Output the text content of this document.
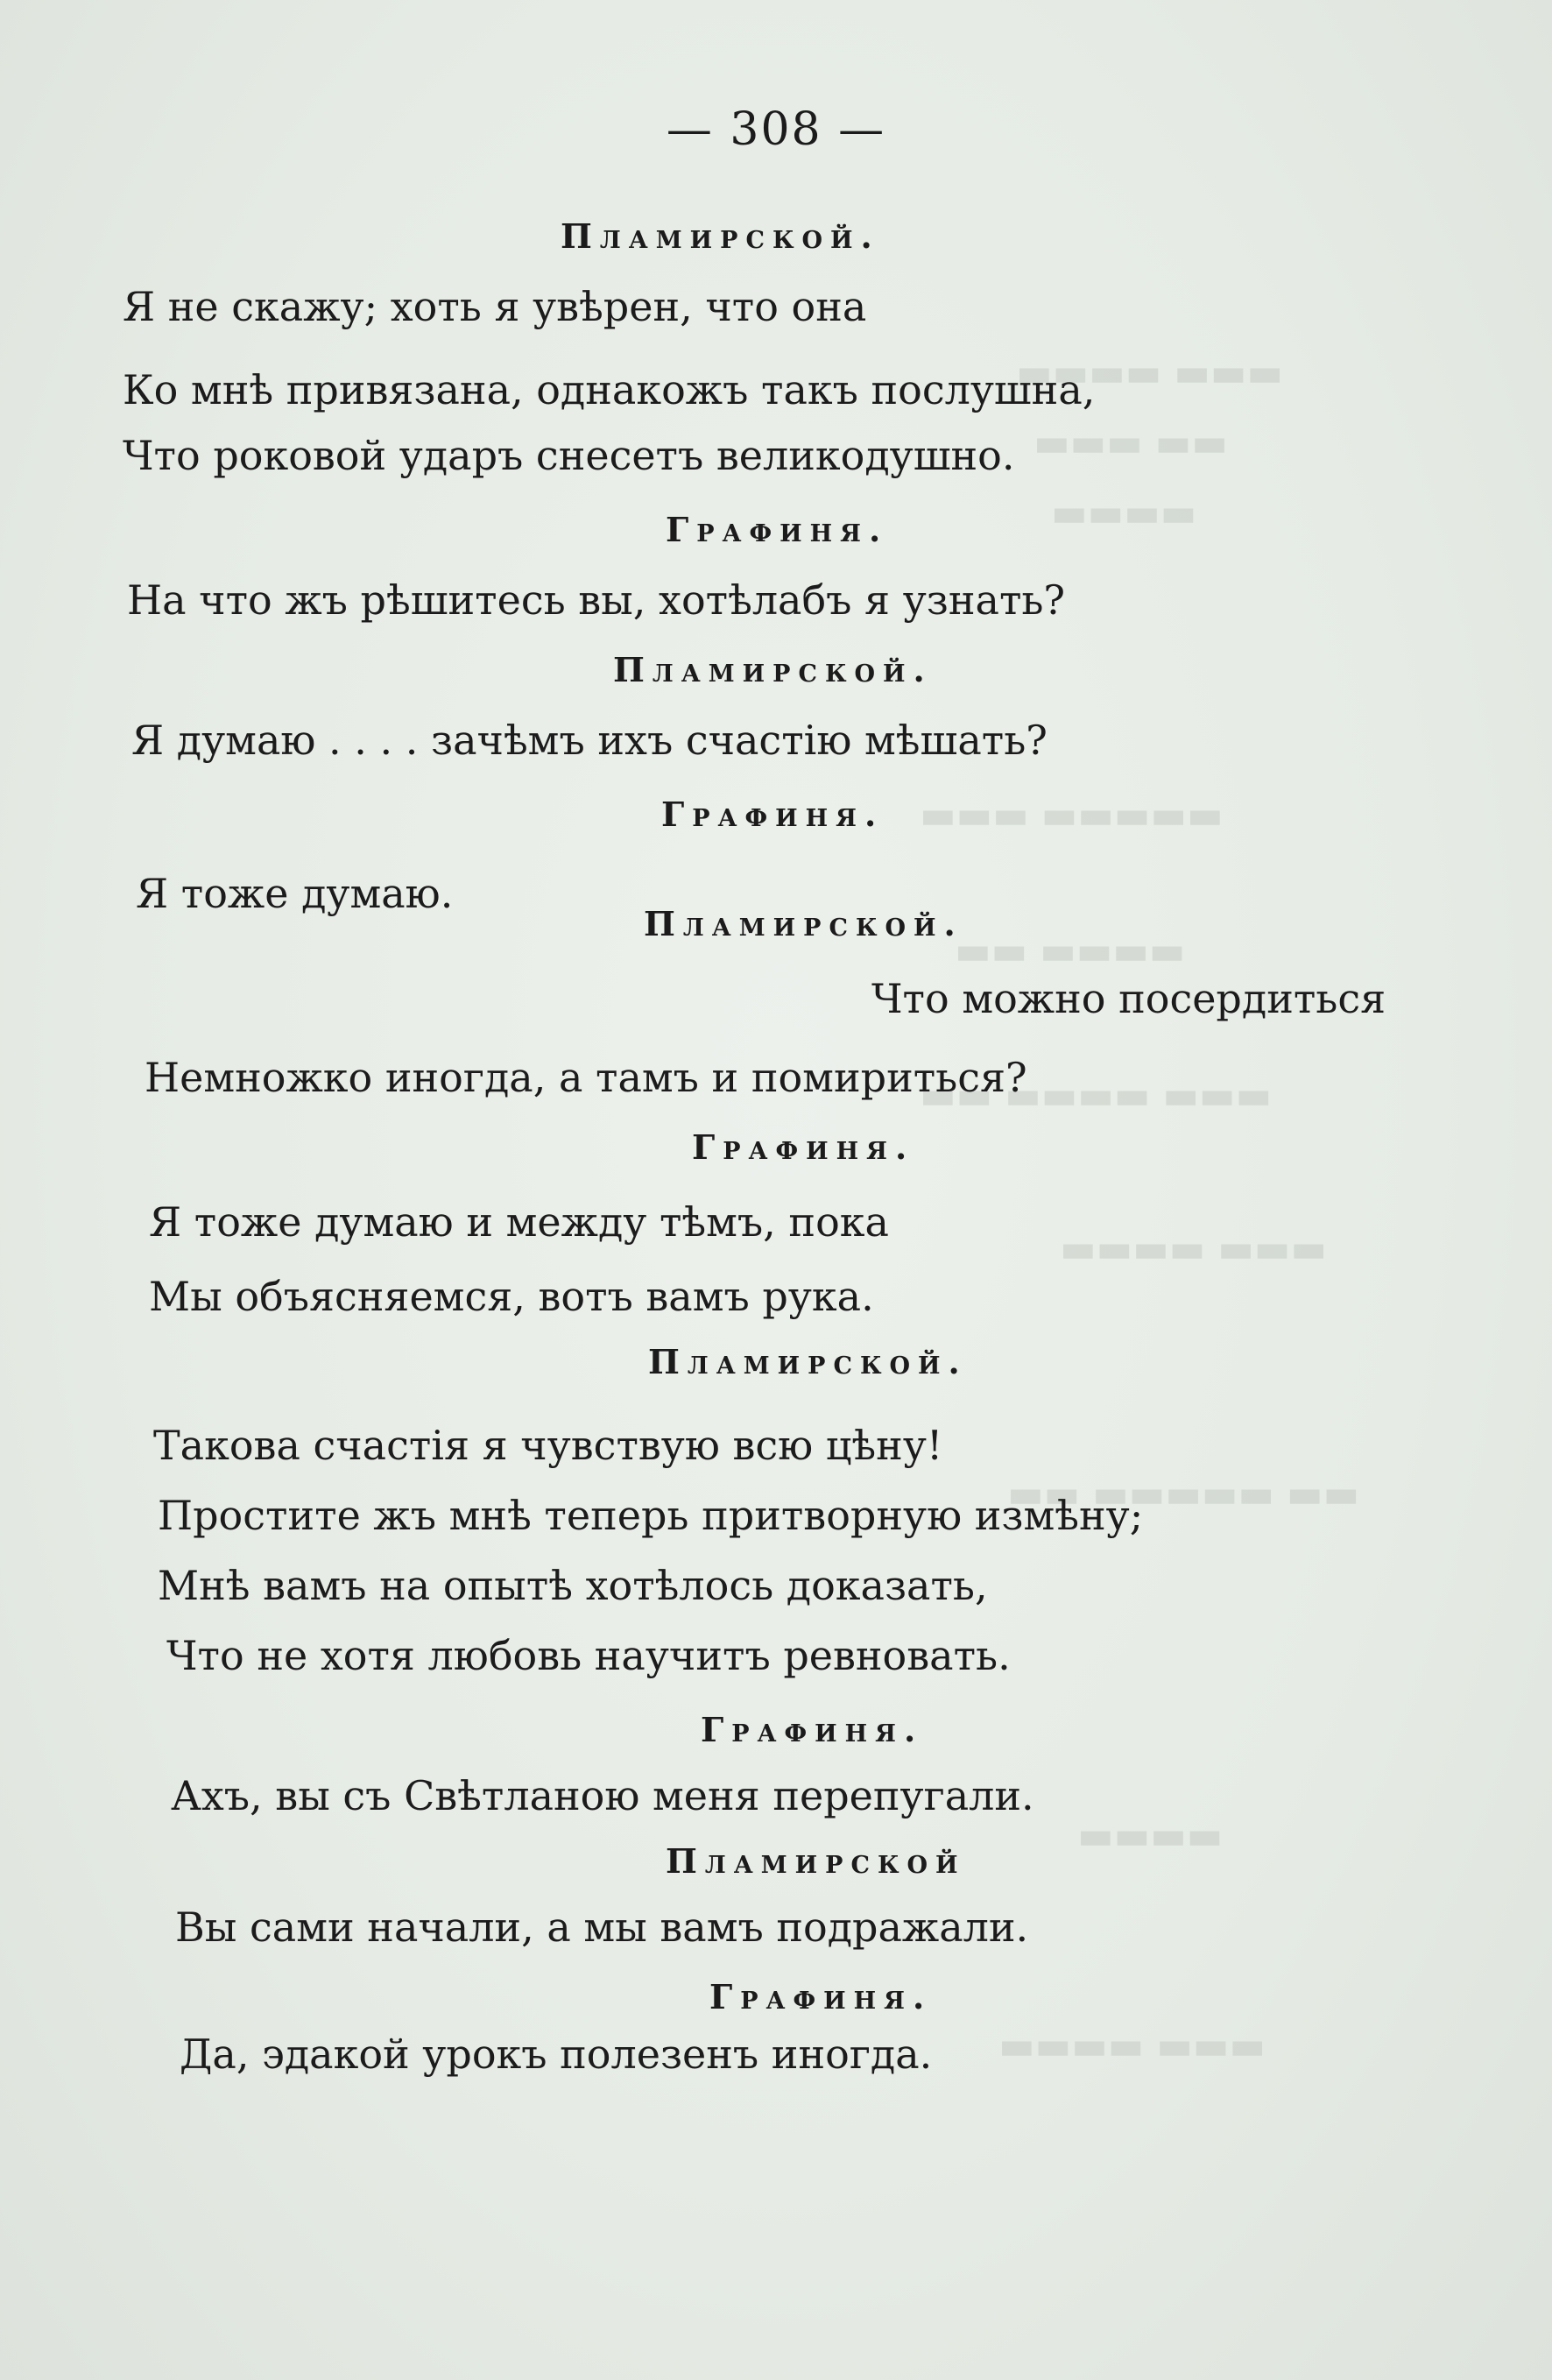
▬▬▬ ▬▬▬▬
▬▬ ▬▬▬
▬▬▬▬
▬▬▬▬▬ ▬▬▬
▬▬▬▬ ▬▬
▬▬▬ ▬▬▬▬ ▬▬
▬▬▬ ▬▬▬▬
▬▬ ▬▬▬▬▬ ▬▬
▬▬▬▬
▬▬▬ ▬▬▬▬
— 308 —
Пламирской.
Я не скажу; хоть я увѣрен, что она
Ко мнѣ привязана, однакожъ такъ послушна,
Что роковой ударъ снесетъ великодушно.
Графиня.
На что жъ рѣшитесь вы, хотѣлабъ я узнать?
Пламирской.
Я думаю . . . . зачѣмъ ихъ счастію мѣшать?
Графиня.
Я тоже думаю.
Пламирской.
Что можно посердиться
Немножко иногда, а тамъ и помириться?
Графиня.
Я тоже думаю и между тѣмъ, пока
Мы объясняемся, вотъ вамъ рука.
Пламирской.
Такова счастія я чувствую всю цѣну!
Простите жъ мнѣ теперь притворную измѣну;
Мнѣ вамъ на опытѣ хотѣлось доказать,
Что не хотя любовь научитъ ревновать.
Графиня.
Ахъ, вы съ Свѣтланою меня перепугали.
Пламирской
Вы сами начали, а мы вамъ подражали.
Графиня.
Да, эдакой урокъ полезенъ иногда.
